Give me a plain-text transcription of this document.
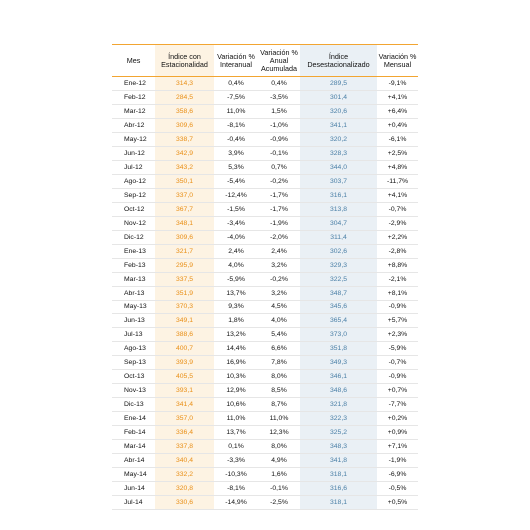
Mes	Índice con Estacionalidad	Variación % Interanual	Variación % Anual Acumulada	Índice Desestacionalizado	Variación % Mensual
Ene-12	314,3	0,4%	0,4%	289,5	-9,1%
Feb-12	284,5	-7,5%	-3,5%	301,4	+4,1%
Mar-12	358,6	11,0%	1,5%	320,6	+6,4%
Abr-12	309,6	-8,1%	-1,0%	341,1	+0,4%
May-12	338,7	-0,4%	-0,9%	320,2	-6,1%
Jun-12	342,9	3,9%	-0,1%	328,3	+2,5%
Jul-12	343,2	5,3%	0,7%	344,0	+4,8%
Ago-12	350,1	-5,4%	-0,2%	303,7	-11,7%
Sep-12	337,0	-12,4%	-1,7%	316,1	+4,1%
Oct-12	367,7	-1,5%	-1,7%	313,8	-0,7%
Nov-12	348,1	-3,4%	-1,9%	304,7	-2,9%
Dic-12	309,6	-4,0%	-2,0%	311,4	+2,2%
Ene-13	321,7	2,4%	2,4%	302,6	-2,8%
Feb-13	295,9	4,0%	3,2%	329,3	+8,8%
Mar-13	337,5	-5,9%	-0,2%	322,5	-2,1%
Abr-13	351,9	13,7%	3,2%	348,7	+8,1%
May-13	370,3	9,3%	4,5%	345,6	-0,9%
Jun-13	349,1	1,8%	4,0%	365,4	+5,7%
Jul-13	388,6	13,2%	5,4%	373,0	+2,3%
Ago-13	400,7	14,4%	6,6%	351,8	-5,9%
Sep-13	393,9	16,9%	7,8%	349,3	-0,7%
Oct-13	405,5	10,3%	8,0%	346,1	-0,9%
Nov-13	393,1	12,9%	8,5%	348,6	+0,7%
Dic-13	341,4	10,6%	8,7%	321,8	-7,7%
Ene-14	357,0	11,0%	11,0%	322,3	+0,2%
Feb-14	336,4	13,7%	12,3%	325,2	+0,9%
Mar-14	337,8	0,1%	8,0%	348,3	+7,1%
Abr-14	340,4	-3,3%	4,9%	341,8	-1,9%
May-14	332,2	-10,3%	1,6%	318,1	-6,9%
Jun-14	320,8	-8,1%	-0,1%	316,6	-0,5%
Jul-14	330,6	-14,9%	-2,5%	318,1	+0,5%
